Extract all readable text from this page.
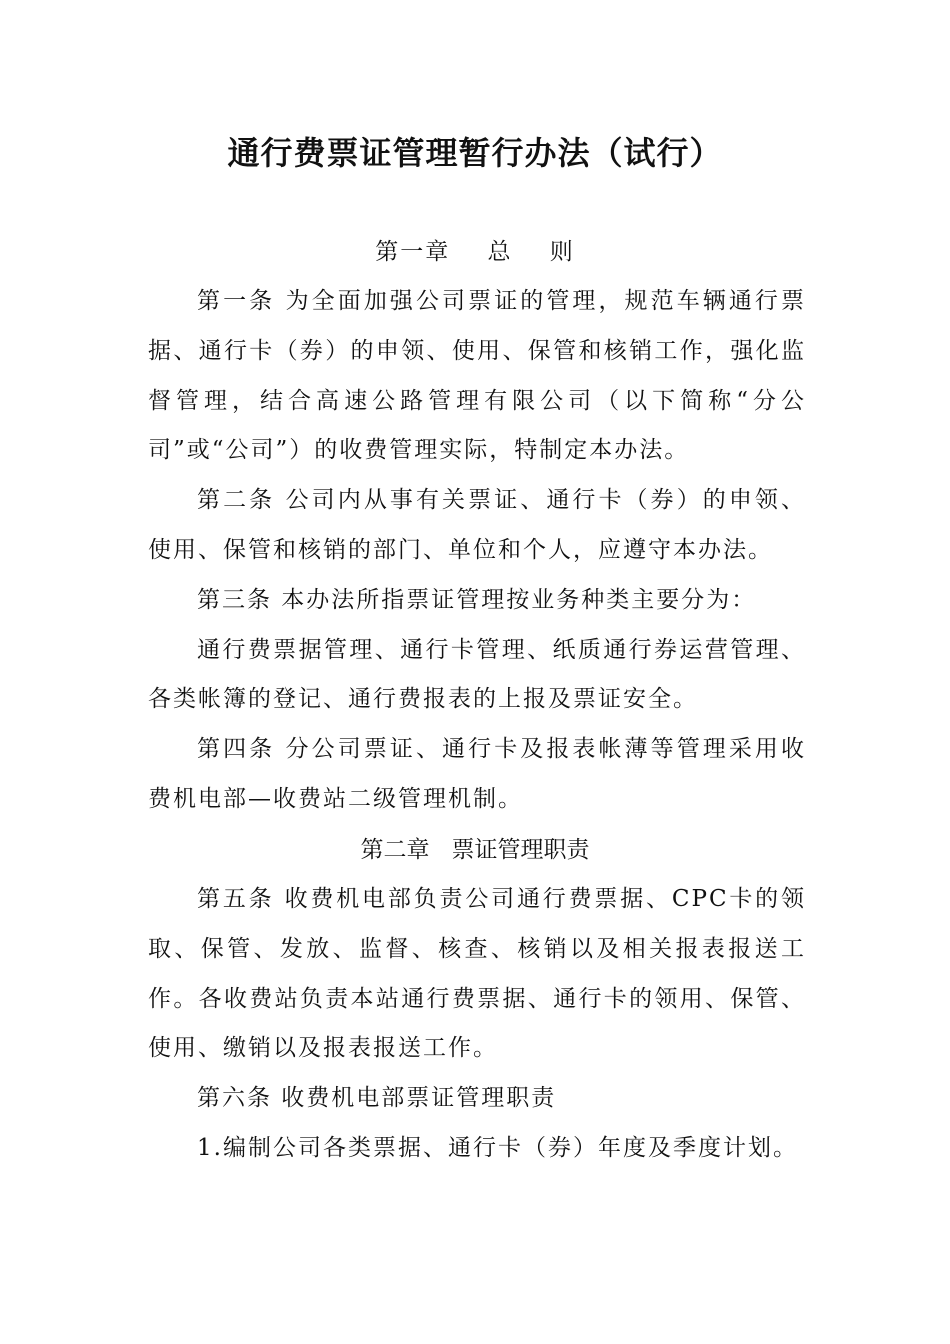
通行费票证管理暂行办法（试行）
第一章    总    则

第一条 为全面加强公司票证的管理，规范车辆通行票据、通行卡（券）的申领、使用、保管和核销工作，强化监督管理，结合高速公路管理有限公司（以下简称“分公司”或“公司”）的收费管理实际，特制定本办法。

第二条 公司内从事有关票证、通行卡（券）的申领、使用、保管和核销的部门、单位和个人，应遵守本办法。

第三条 本办法所指票证管理按业务种类主要分为：

通行费票据管理、通行卡管理、纸质通行券运营管理、各类帐簿的登记、通行费报表的上报及票证安全。

第四条 分公司票证、通行卡及报表帐薄等管理采用收费机电部—收费站二级管理机制。

第二章   票证管理职责

第五条 收费机电部负责公司通行费票据、CPC卡的领取、保管、发放、监督、核查、核销以及相关报表报送工作。各收费站负责本站通行费票据、通行卡的领用、保管、使用、缴销以及报表报送工作。

第六条 收费机电部票证管理职责

1.编制公司各类票据、通行卡（券）年度及季度计划。
